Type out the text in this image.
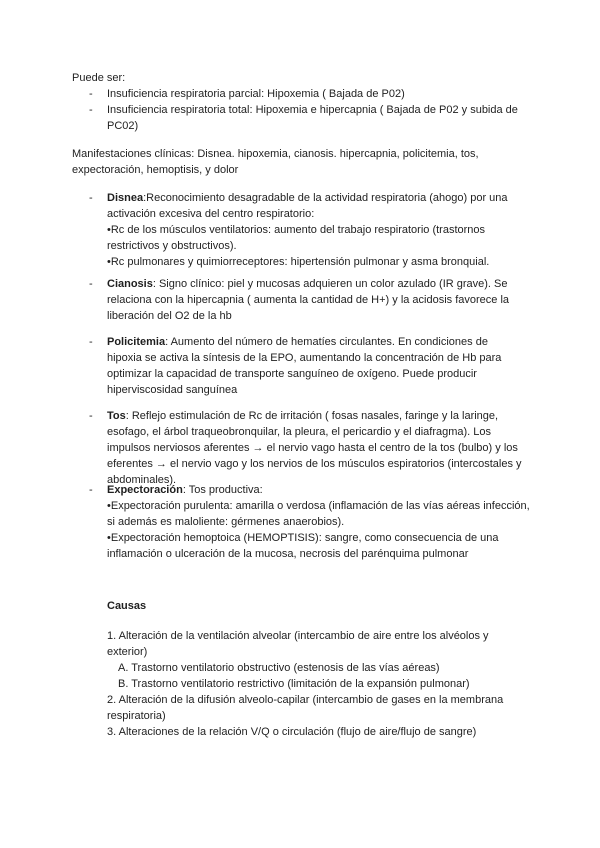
Puede ser:

- Insuficiencia respiratoria parcial: Hipoxemia ( Bajada de P02)

- Insuficiencia respiratoria total: Hipoxemia e hipercapnia ( Bajada de P02 y subida de PC02)

Manifestaciones clínicas: Disnea. hipoxemia, cianosis. hipercapnia, policitemia, tos, expectoración, hemoptisis, y dolor

- Disnea:Reconocimiento desagradable de la actividad respiratoria (ahogo) por una activación excesiva del centro respiratorio:

•Rc de los músculos ventilatorios: aumento del trabajo respiratorio (trastornos restrictivos y obstructivos).

•Rc pulmonares y quimiorreceptores: hipertensión pulmonar y asma bronquial.

- Cianosis: Signo clínico: piel y mucosas adquieren un color azulado (IR grave). Se relaciona con la hipercapnia ( aumenta la cantidad de H+) y la acidosis favorece la liberación del O2 de la hb

- Policitemia: Aumento del número de hematíes circulantes. En condiciones de hipoxia se activa la síntesis de la EPO, aumentando la concentración de Hb para optimizar la capacidad de transporte sanguíneo de oxígeno. Puede producir hiperviscosidad sanguínea

- Tos: Reflejo estimulación de Rc de irritación ( fosas nasales, faringe y la laringe, esofago, el árbol traqueobronquilar, la pleura, el pericardio y el diafragma). Los impulsos nerviosos aferentes → el nervio vago hasta el centro de la tos (bulbo) y los eferentes → el nervio vago y los nervios de los músculos espiratorios (intercostales y abdominales).

- Expectoración: Tos productiva:

•Expectoración purulenta: amarilla o verdosa (inflamación de las vías aéreas infección, si además es maloliente: gérmenes anaerobios).

•Expectoración hemoptoica (HEMOPTISIS): sangre, como consecuencia de una inflamación o ulceración de la mucosa, necrosis del parénquima pulmonar

Causas

1. Alteración de la ventilación alveolar (intercambio de aire entre los alvéolos y exterior)

A. Trastorno ventilatorio obstructivo (estenosis de las vías aéreas)

B. Trastorno ventilatorio restrictivo (limitación de la expansión pulmonar)

2. Alteración de la difusión alveolo-capilar (intercambio de gases en la membrana respiratoria)

3. Alteraciones de la relación V/Q o circulación (flujo de aire/flujo de sangre)
